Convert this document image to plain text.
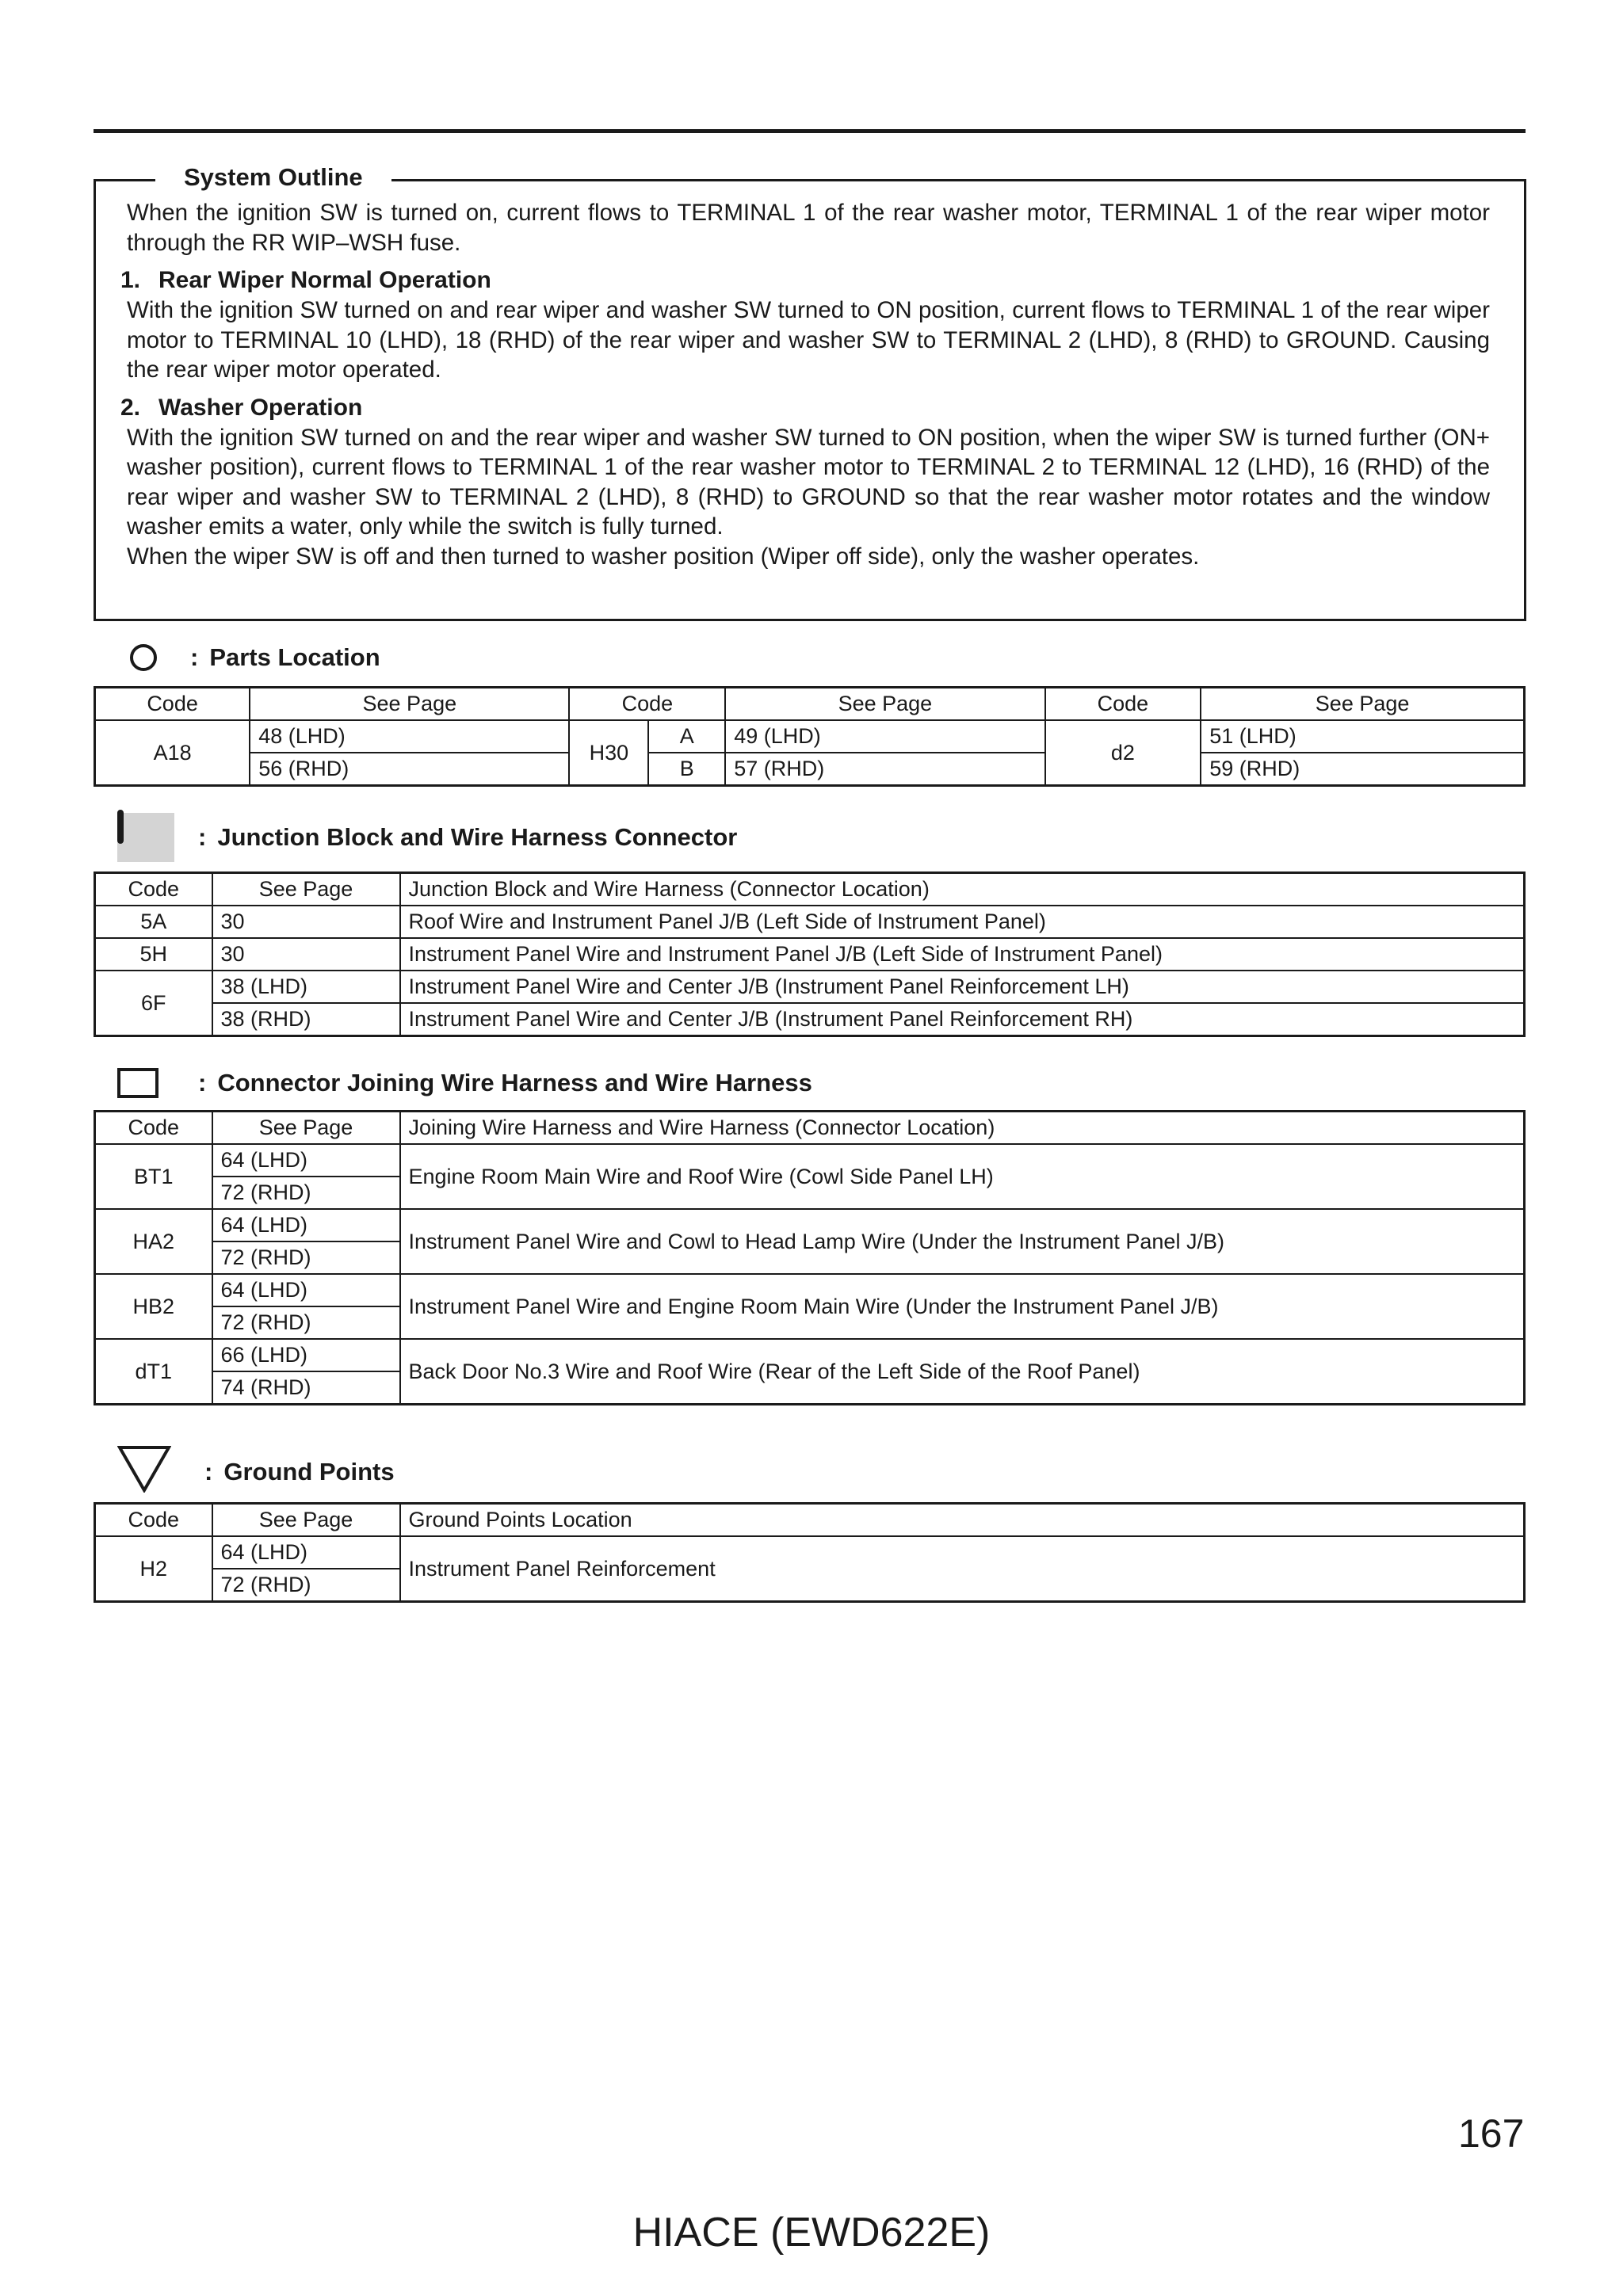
System Outline

When the ignition SW is turned on, current flows to TERMINAL 1 of the rear washer motor, TERMINAL 1 of the rear wiper motor through the RR WIP–WSH fuse.

1. Rear Wiper Normal Operation

With the ignition SW turned on and rear wiper and washer SW turned to ON position, current flows to TERMINAL 1 of the rear wiper motor to TERMINAL 10 (LHD), 18 (RHD) of the rear wiper and washer SW to TERMINAL 2 (LHD), 8 (RHD) to GROUND. Causing the rear wiper motor operated.

2. Washer Operation

With the ignition SW turned on and the rear wiper and washer SW turned to ON position, when the wiper SW is turned further (ON+ washer position), current flows to TERMINAL 1 of the rear washer motor to TERMINAL 2 to TERMINAL 12 (LHD), 16 (RHD) of the rear wiper and washer SW to TERMINAL 2 (LHD), 8 (RHD) to GROUND so that the rear washer motor rotates and the window washer emits a water, only while the switch is fully turned.

When the wiper SW is off and then turned to washer position (Wiper off side), only the washer operates.

: Parts Location
Code	See Page	Code		See Page	Code	See Page
A18	48 (LHD)	H30	A	49 (LHD)	d2	51 (LHD)
	56 (RHD)		B	57 (RHD)		59 (RHD)
: Junction Block and Wire Harness Connector
Code	See Page	Junction Block and Wire Harness (Connector Location)
5A	30	Roof Wire and Instrument Panel J/B (Left Side of Instrument Panel)
5H	30	Instrument Panel Wire and Instrument Panel J/B (Left Side of Instrument Panel)
6F	38 (LHD)	Instrument Panel Wire and Center J/B (Instrument Panel Reinforcement LH)
	38 (RHD)	Instrument Panel Wire and Center J/B (Instrument Panel Reinforcement RH)
: Connector Joining Wire Harness and Wire Harness
Code	See Page	Joining Wire Harness and Wire Harness (Connector Location)
BT1	64 (LHD)	Engine Room Main Wire and Roof Wire (Cowl Side Panel LH)
	72 (RHD)	
HA2	64 (LHD)	Instrument Panel Wire and Cowl to Head Lamp Wire (Under the Instrument Panel J/B)
	72 (RHD)	
HB2	64 (LHD)	Instrument Panel Wire and Engine Room Main Wire (Under the Instrument Panel J/B)
	72 (RHD)	
dT1	66 (LHD)	Back Door No.3 Wire and Roof Wire (Rear of the Left Side of the Roof Panel)
	74 (RHD)	
: Ground Points
Code	See Page	Ground Points Location
H2	64 (LHD)	Instrument Panel Reinforcement
	72 (RHD)	
167
HIACE (EWD622E)
